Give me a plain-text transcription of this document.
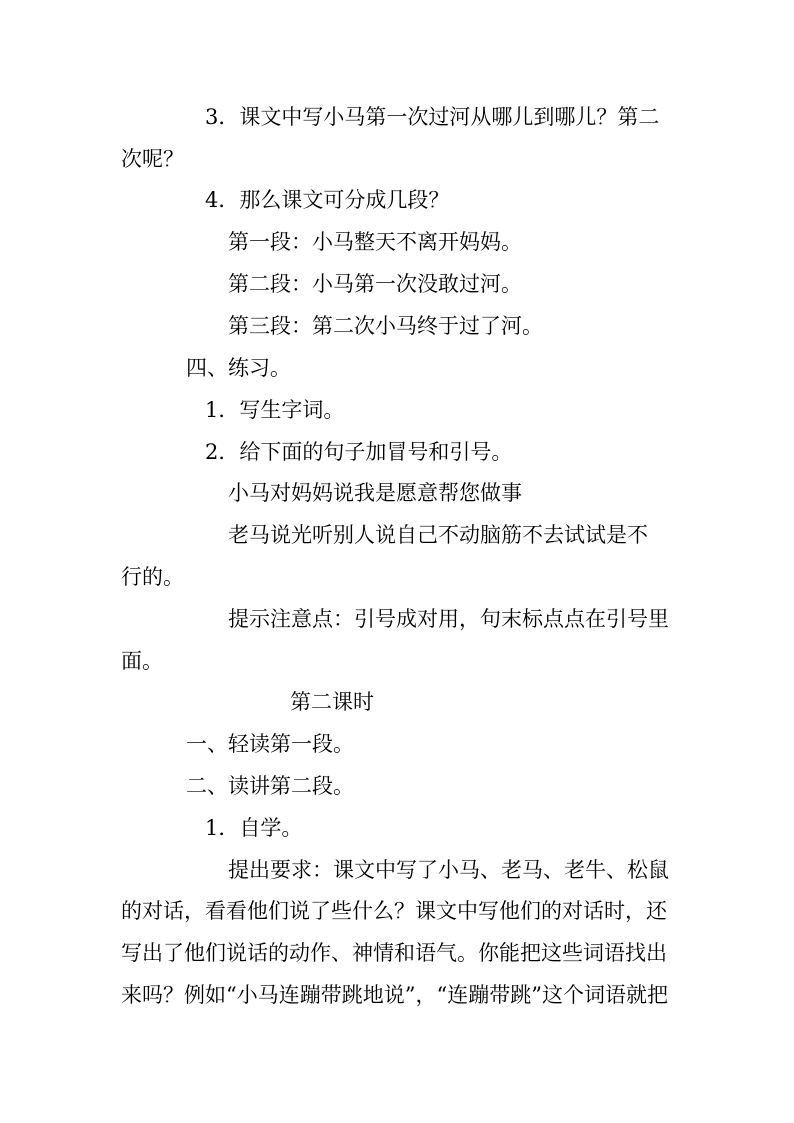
3．课文中写小马第一次过河从哪儿到哪儿？第二
次呢？
4．那么课文可分成几段？
第一段：小马整天不离开妈妈。
第二段：小马第一次没敢过河。
第三段：第二次小马终于过了河。
四、练习。
1．写生字词。
2．给下面的句子加冒号和引号。
小马对妈妈说我是愿意帮您做事
老马说光听别人说自己不动脑筋不去试试是不
行的。
提示注意点：引号成对用，句末标点点在引号里
面。
第二课时
一、轻读第一段。
二、读讲第二段。
1．自学。
提出要求：课文中写了小马、老马、老牛、松鼠
的对话，看看他们说了些什么？课文中写他们的对话时，还
写出了他们说话的动作、神情和语气。你能把这些词语找出
来吗？例如“小马连蹦带跳地说”，“连蹦带跳”这个词语就把
